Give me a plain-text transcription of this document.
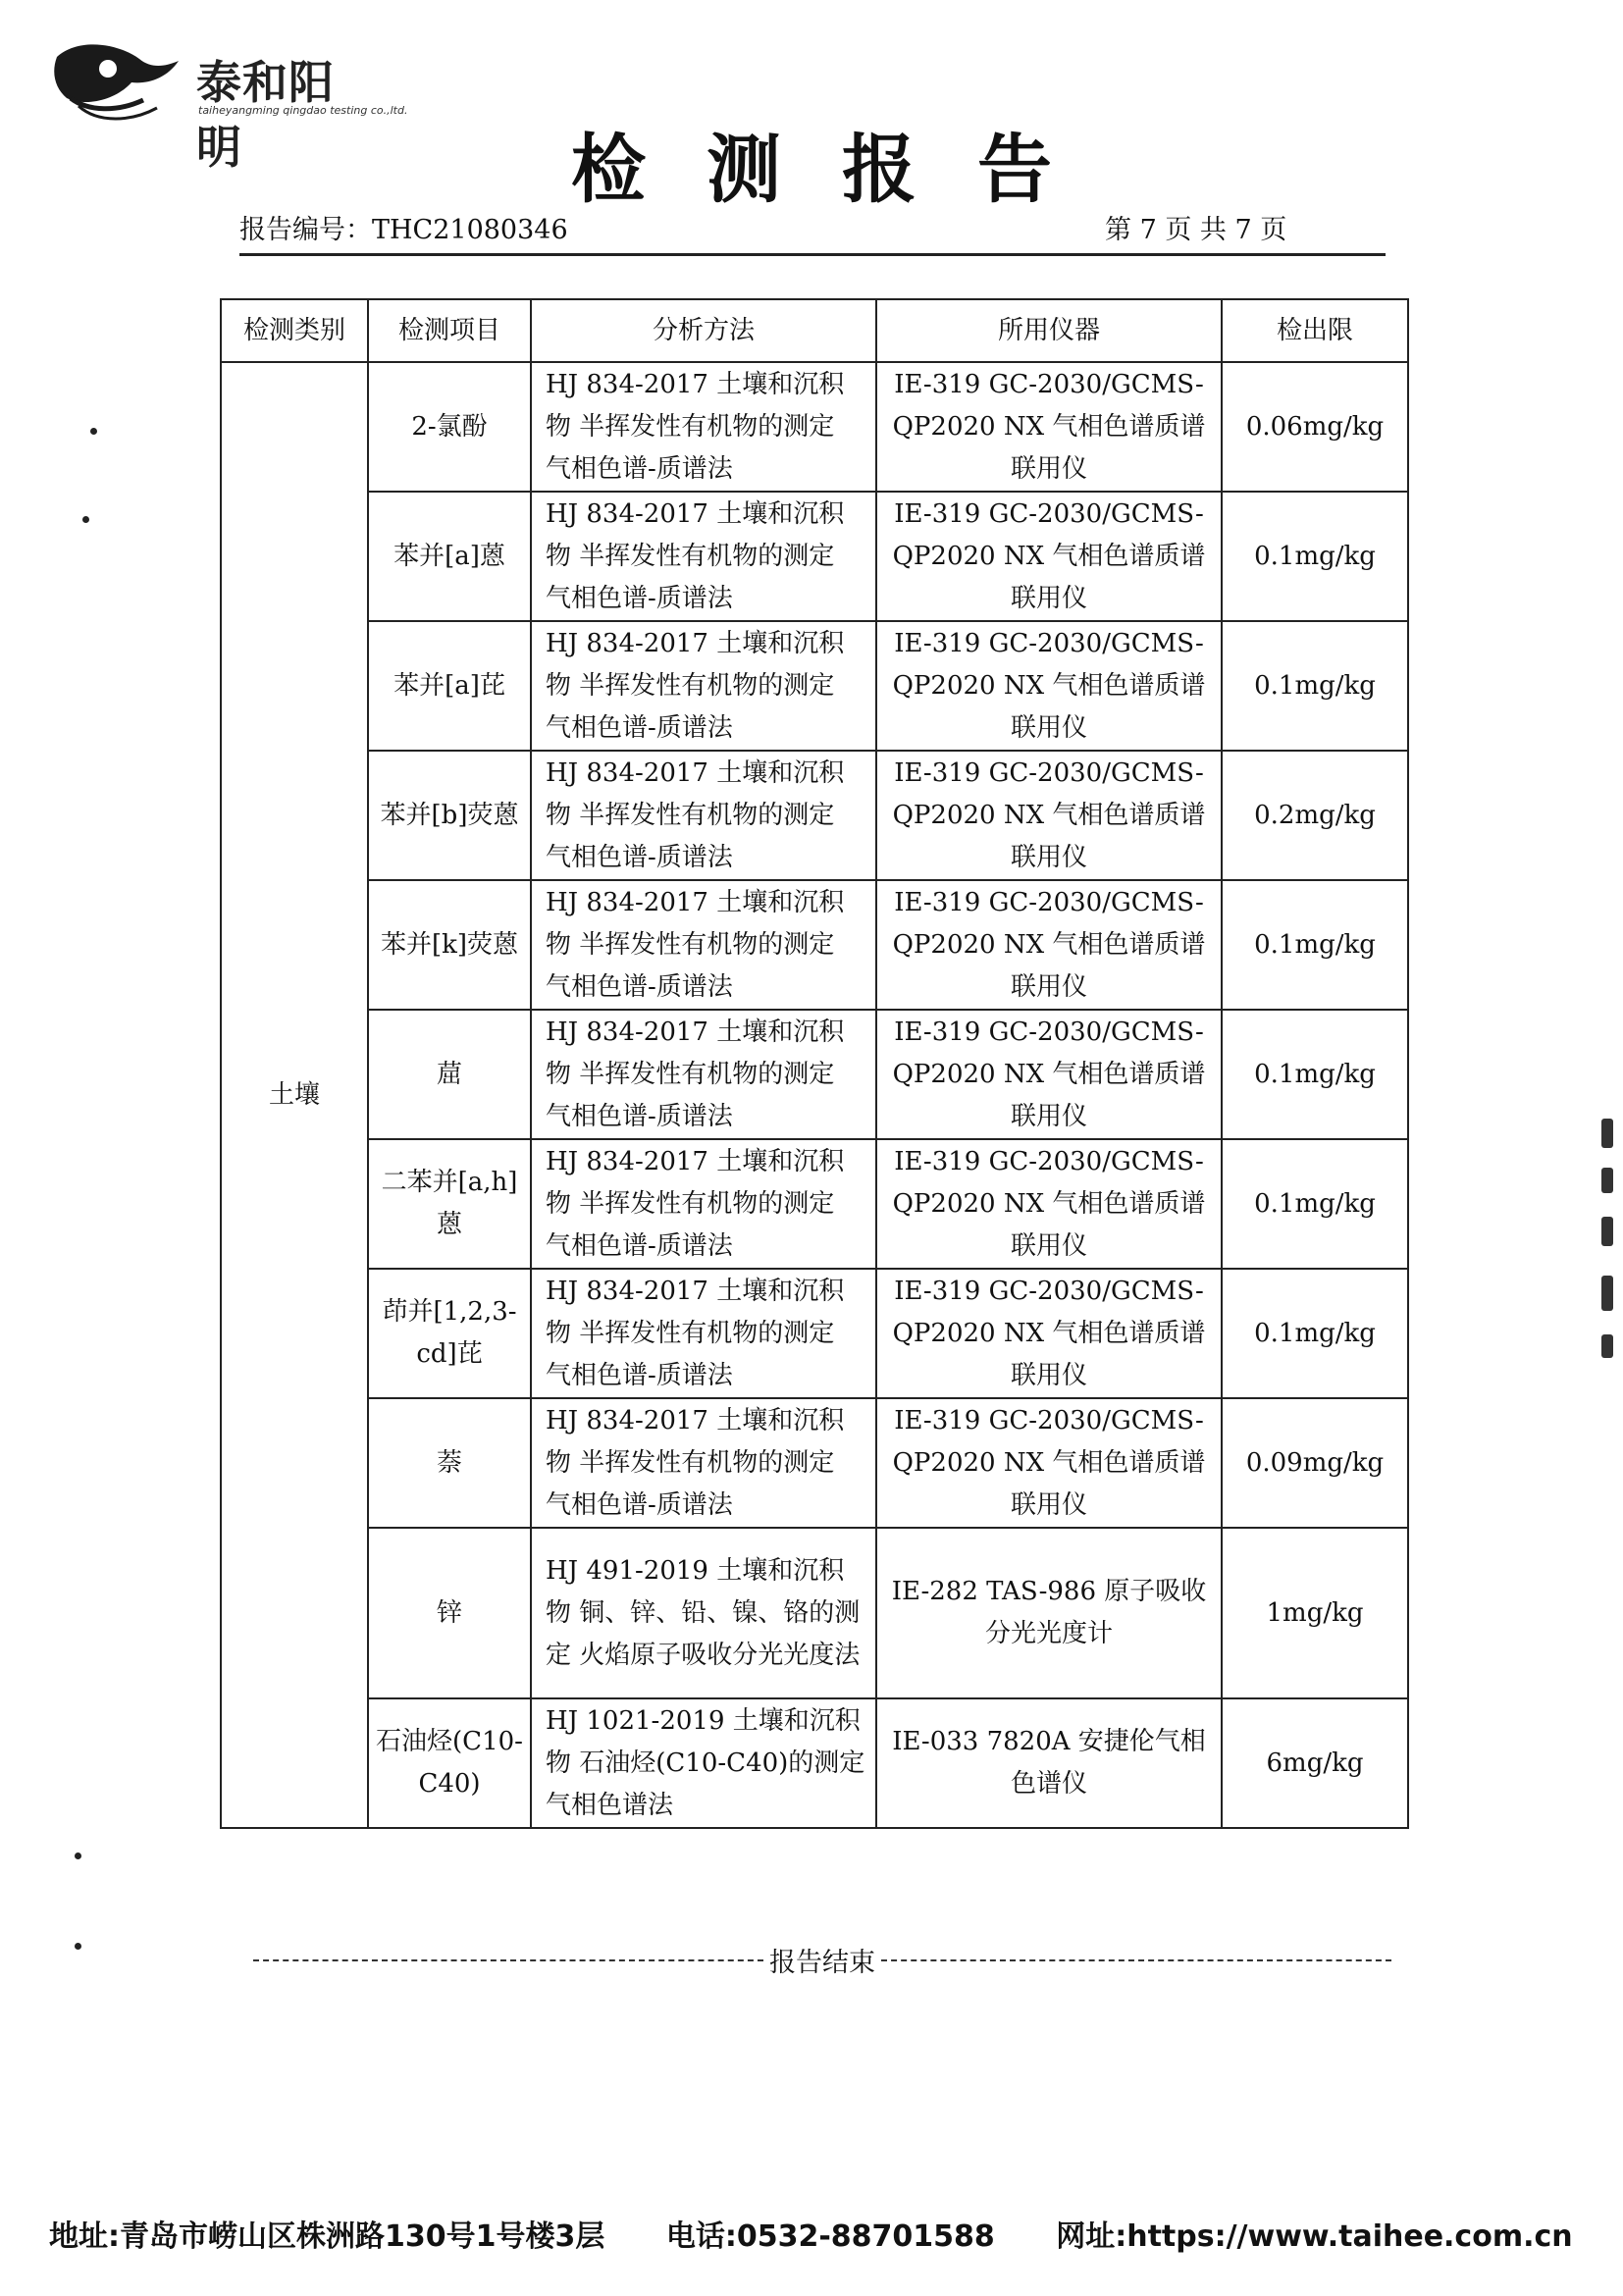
泰和阳明
taiheyangming qingdao testing co.,ltd.
检测报告
报告编号：THC21080346	第 7 页 共 7 页
检测类别	检测项目	分析方法	所用仪器	检出限
土壤	2-氯酚	HJ 834-2017 土壤和沉积物 半挥发性有机物的测定 气相色谱-质谱法	IE-319 GC-2030/GCMS-QP2020 NX 气相色谱质谱联用仪	0.06mg/kg
	苯并[a]蒽	HJ 834-2017 土壤和沉积物 半挥发性有机物的测定 气相色谱-质谱法	IE-319 GC-2030/GCMS-QP2020 NX 气相色谱质谱联用仪	0.1mg/kg
	苯并[a]芘	HJ 834-2017 土壤和沉积物 半挥发性有机物的测定 气相色谱-质谱法	IE-319 GC-2030/GCMS-QP2020 NX 气相色谱质谱联用仪	0.1mg/kg
	苯并[b]荧蒽	HJ 834-2017 土壤和沉积物 半挥发性有机物的测定 气相色谱-质谱法	IE-319 GC-2030/GCMS-QP2020 NX 气相色谱质谱联用仪	0.2mg/kg
	苯并[k]荧蒽	HJ 834-2017 土壤和沉积物 半挥发性有机物的测定 气相色谱-质谱法	IE-319 GC-2030/GCMS-QP2020 NX 气相色谱质谱联用仪	0.1mg/kg
	䓛	HJ 834-2017 土壤和沉积物 半挥发性有机物的测定 气相色谱-质谱法	IE-319 GC-2030/GCMS-QP2020 NX 气相色谱质谱联用仪	0.1mg/kg
	二苯并[a,h]蒽	HJ 834-2017 土壤和沉积物 半挥发性有机物的测定 气相色谱-质谱法	IE-319 GC-2030/GCMS-QP2020 NX 气相色谱质谱联用仪	0.1mg/kg
	茚并[1,2,3-cd]芘	HJ 834-2017 土壤和沉积物 半挥发性有机物的测定 气相色谱-质谱法	IE-319 GC-2030/GCMS-QP2020 NX 气相色谱质谱联用仪	0.1mg/kg
	萘	HJ 834-2017 土壤和沉积物 半挥发性有机物的测定 气相色谱-质谱法	IE-319 GC-2030/GCMS-QP2020 NX 气相色谱质谱联用仪	0.09mg/kg
	锌	HJ 491-2019 土壤和沉积物 铜、锌、铅、镍、铬的测定 火焰原子吸收分光光度法	IE-282 TAS-986 原子吸收分光光度计	1mg/kg
	石油烃(C10-C40)	HJ 1021-2019 土壤和沉积物 石油烃(C10-C40)的测定 气相色谱法	IE-033 7820A 安捷伦气相色谱仪	6mg/kg
报告结束
地址:青岛市崂山区株洲路130号1号楼3层 电话:0532-88701588 网址:https://www.taihee.com.cn
